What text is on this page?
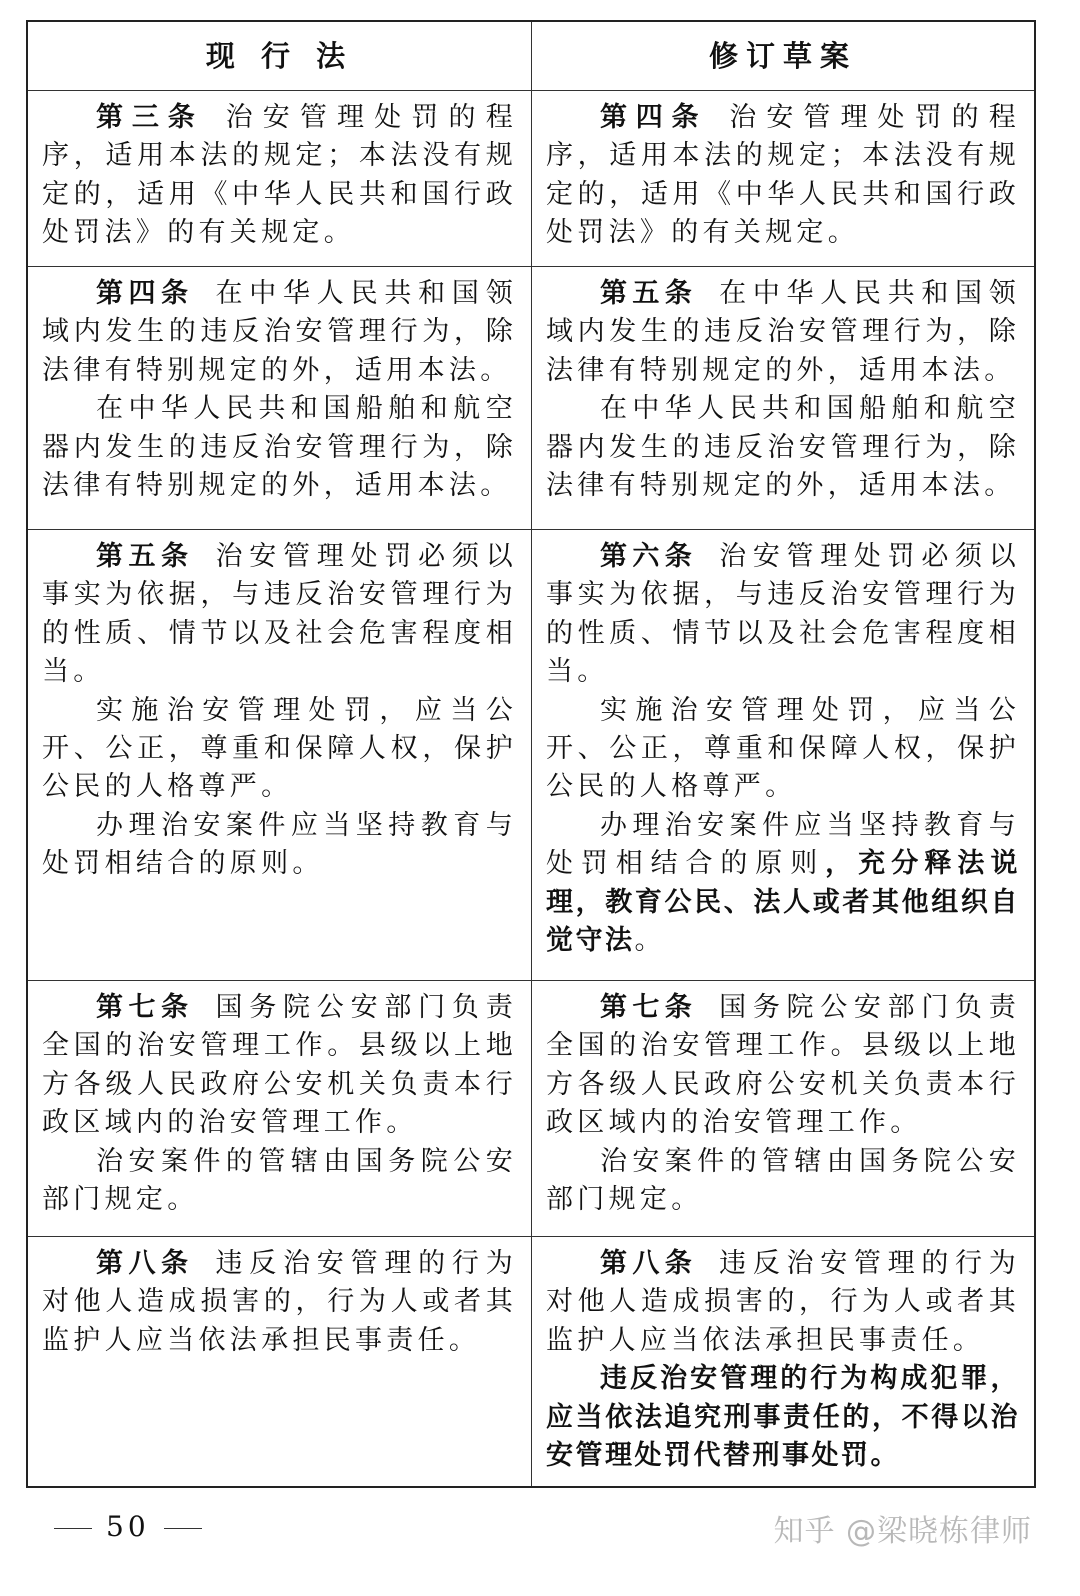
现 行 法	修订草案

第三条 治安管理处罚的程序，适用本法的规定；本法没有规定的，适用《中华人民共和国行政处罚法》的有关规定。

第四条 治安管理处罚的程序，适用本法的规定；本法没有规定的，适用《中华人民共和国行政处罚法》的有关规定。

第四条 在中华人民共和国领域内发生的违反治安管理行为，除法律有特别规定的外，适用本法。

在中华人民共和国船舶和航空器内发生的违反治安管理行为，除法律有特别规定的外，适用本法。

第五条 在中华人民共和国领域内发生的违反治安管理行为，除法律有特别规定的外，适用本法。

在中华人民共和国船舶和航空器内发生的违反治安管理行为，除法律有特别规定的外，适用本法。

第五条 治安管理处罚必须以事实为依据，与违反治安管理行为的性质、情节以及社会危害程度相当。

实施治安管理处罚，应当公开、公正，尊重和保障人权，保护公民的人格尊严。

办理治安案件应当坚持教育与处罚相结合的原则。

第六条 治安管理处罚必须以事实为依据，与违反治安管理行为的性质、情节以及社会危害程度相当。

实施治安管理处罚，应当公开、公正，尊重和保障人权，保护公民的人格尊严。

办理治安案件应当坚持教育与处罚相结合的原则，充分释法说理，教育公民、法人或者其他组织自觉守法。

第七条 国务院公安部门负责全国的治安管理工作。县级以上地方各级人民政府公安机关负责本行政区域内的治安管理工作。

治安案件的管辖由国务院公安部门规定。

第七条 国务院公安部门负责全国的治安管理工作。县级以上地方各级人民政府公安机关负责本行政区域内的治安管理工作。

治安案件的管辖由国务院公安部门规定。

第八条 违反治安管理的行为对他人造成损害的，行为人或者其监护人应当依法承担民事责任。

第八条 违反治安管理的行为对他人造成损害的，行为人或者其监护人应当依法承担民事责任。

违反治安管理的行为构成犯罪，应当依法追究刑事责任的，不得以治安管理处罚代替刑事处罚。

50	知乎 @梁晓栋律师
